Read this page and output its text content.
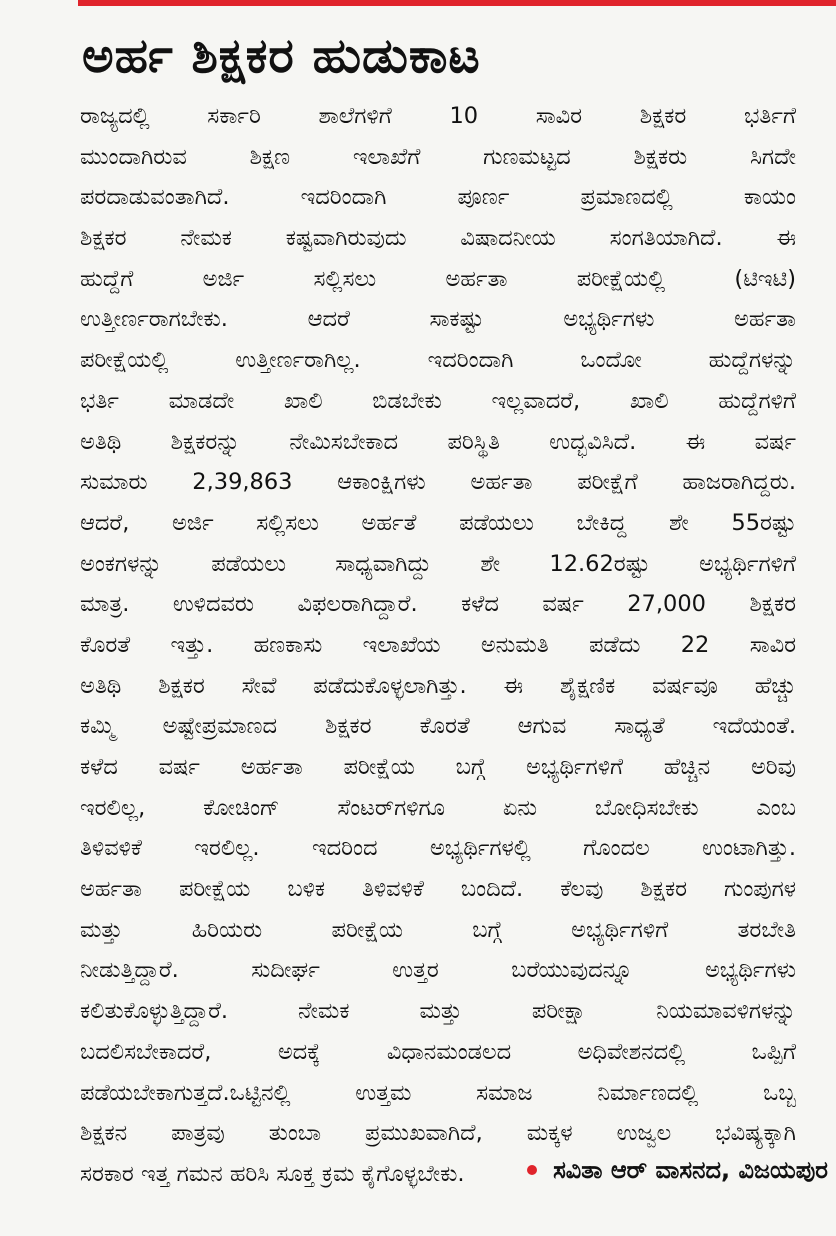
ಅರ್ಹ ಶಿಕ್ಷಕರ ಹುಡುಕಾಟ
ರಾಜ್ಯದಲ್ಲಿ ಸರ್ಕಾರಿ ಶಾಲೆಗಳಿಗೆ 10 ಸಾವಿರ ಶಿಕ್ಷಕರ ಭರ್ತಿಗೆ
ಮುಂದಾಗಿರುವ ಶಿಕ್ಷಣ ಇಲಾಖೆಗೆ ಗುಣಮಟ್ಟದ ಶಿಕ್ಷಕರು ಸಿಗದೇ
ಪರದಾಡುವಂತಾಗಿದೆ. ಇದರಿಂದಾಗಿ ಪೂರ್ಣ ಪ್ರಮಾಣದಲ್ಲಿ ಕಾಯಂ
ಶಿಕ್ಷಕರ ನೇಮಕ ಕಷ್ಟವಾಗಿರುವುದು ವಿಷಾದನೀಯ ಸಂಗತಿಯಾಗಿದೆ. ಈ
ಹುದ್ದೆಗೆ ಅರ್ಜಿ ಸಲ್ಲಿಸಲು ಅರ್ಹತಾ ಪರೀಕ್ಷೆಯಲ್ಲಿ (ಟಿಇಟಿ)
ಉತ್ತೀರ್ಣರಾಗಬೇಕು. ಆದರೆ ಸಾಕಷ್ಟು ಅಭ್ಯರ್ಥಿಗಳು ಅರ್ಹತಾ
ಪರೀಕ್ಷೆಯಲ್ಲಿ ಉತ್ತೀರ್ಣರಾಗಿಲ್ಲ. ಇದರಿಂದಾಗಿ ಒಂದೋ ಹುದ್ದೆಗಳನ್ನು
ಭರ್ತಿ ಮಾಡದೇ ಖಾಲಿ ಬಿಡಬೇಕು ಇಲ್ಲವಾದರೆ, ಖಾಲಿ ಹುದ್ದೆಗಳಿಗೆ
ಅತಿಥಿ ಶಿಕ್ಷಕರನ್ನು ನೇಮಿಸಬೇಕಾದ ಪರಿಸ್ಥಿತಿ ಉದ್ಭವಿಸಿದೆ. ಈ ವರ್ಷ
ಸುಮಾರು 2,39,863 ಆಕಾಂಕ್ಷಿಗಳು ಅರ್ಹತಾ ಪರೀಕ್ಷೆಗೆ ಹಾಜರಾಗಿದ್ದರು.
ಆದರೆ, ಅರ್ಜಿ ಸಲ್ಲಿಸಲು ಅರ್ಹತೆ ಪಡೆಯಲು ಬೇಕಿದ್ದ ಶೇ 55ರಷ್ಟು
ಅಂಕಗಳನ್ನು ಪಡೆಯಲು ಸಾಧ್ಯವಾಗಿದ್ದು ಶೇ 12.62ರಷ್ಟು ಅಭ್ಯರ್ಥಿಗಳಿಗೆ
ಮಾತ್ರ. ಉಳಿದವರು ವಿಫಲರಾಗಿದ್ದಾರೆ. ಕಳೆದ ವರ್ಷ 27,000 ಶಿಕ್ಷಕರ
ಕೊರತೆ ಇತ್ತು. ಹಣಕಾಸು ಇಲಾಖೆಯ ಅನುಮತಿ ಪಡೆದು 22 ಸಾವಿರ
ಅತಿಥಿ ಶಿಕ್ಷಕರ ಸೇವೆ ಪಡೆದುಕೊಳ್ಳಲಾಗಿತ್ತು. ಈ ಶೈಕ್ಷಣಿಕ ವರ್ಷವೂ ಹೆಚ್ಚು
ಕಮ್ಮಿ ಅಷ್ಟೇಪ್ರಮಾಣದ ಶಿಕ್ಷಕರ ಕೊರತೆ ಆಗುವ ಸಾಧ್ಯತೆ ಇದೆಯಂತೆ.
ಕಳೆದ ವರ್ಷ ಅರ್ಹತಾ ಪರೀಕ್ಷೆಯ ಬಗ್ಗೆ ಅಭ್ಯರ್ಥಿಗಳಿಗೆ ಹೆಚ್ಚಿನ ಅರಿವು
ಇರಲಿಲ್ಲ, ಕೋಚಿಂಗ್ ಸೆಂಟರ್‌ಗಳಿಗೂ ಏನು ಬೋಧಿಸಬೇಕು ಎಂಬ
ತಿಳಿವಳಿಕೆ ಇರಲಿಲ್ಲ. ಇದರಿಂದ ಅಭ್ಯರ್ಥಿಗಳಲ್ಲಿ ಗೊಂದಲ ಉಂಟಾಗಿತ್ತು.
ಅರ್ಹತಾ ಪರೀಕ್ಷೆಯ ಬಳಿಕ ತಿಳಿವಳಿಕೆ ಬಂದಿದೆ. ಕೆಲವು ಶಿಕ್ಷಕರ ಗುಂಪುಗಳ
ಮತ್ತು ಹಿರಿಯರು ಪರೀಕ್ಷೆಯ ಬಗ್ಗೆ ಅಭ್ಯರ್ಥಿಗಳಿಗೆ ತರಬೇತಿ
ನೀಡುತ್ತಿದ್ದಾರೆ. ಸುದೀರ್ಘ ಉತ್ತರ ಬರೆಯುವುದನ್ನೂ ಅಭ್ಯರ್ಥಿಗಳು
ಕಲಿತುಕೊಳ್ಳುತ್ತಿದ್ದಾರೆ. ನೇಮಕ ಮತ್ತು ಪರೀಕ್ಷಾ ನಿಯಮಾವಳಿಗಳನ್ನು
ಬದಲಿಸಬೇಕಾದರೆ, ಅದಕ್ಕೆ ವಿಧಾನಮಂಡಲದ ಅಧಿವೇಶನದಲ್ಲಿ ಒಪ್ಪಿಗೆ
ಪಡೆಯಬೇಕಾಗುತ್ತದೆ.ಒಟ್ಟಿನಲ್ಲಿ ಉತ್ತಮ ಸಮಾಜ ನಿರ್ಮಾಣದಲ್ಲಿ ಒಬ್ಬ
ಶಿಕ್ಷಕನ ಪಾತ್ರವು ತುಂಬಾ ಪ್ರಮುಖವಾಗಿದೆ, ಮಕ್ಕಳ ಉಜ್ವಲ ಭವಿಷ್ಯಕ್ಕಾಗಿ
ಸರಕಾರ ಇತ್ತ ಗಮನ ಹರಿಸಿ ಸೂಕ್ತ ಕ್ರಮ ಕೈಗೊಳ್ಳಬೇಕು.	ಸವಿತಾ ಆರ್ ವಾಸನದ, ವಿಜಯಪುರ
